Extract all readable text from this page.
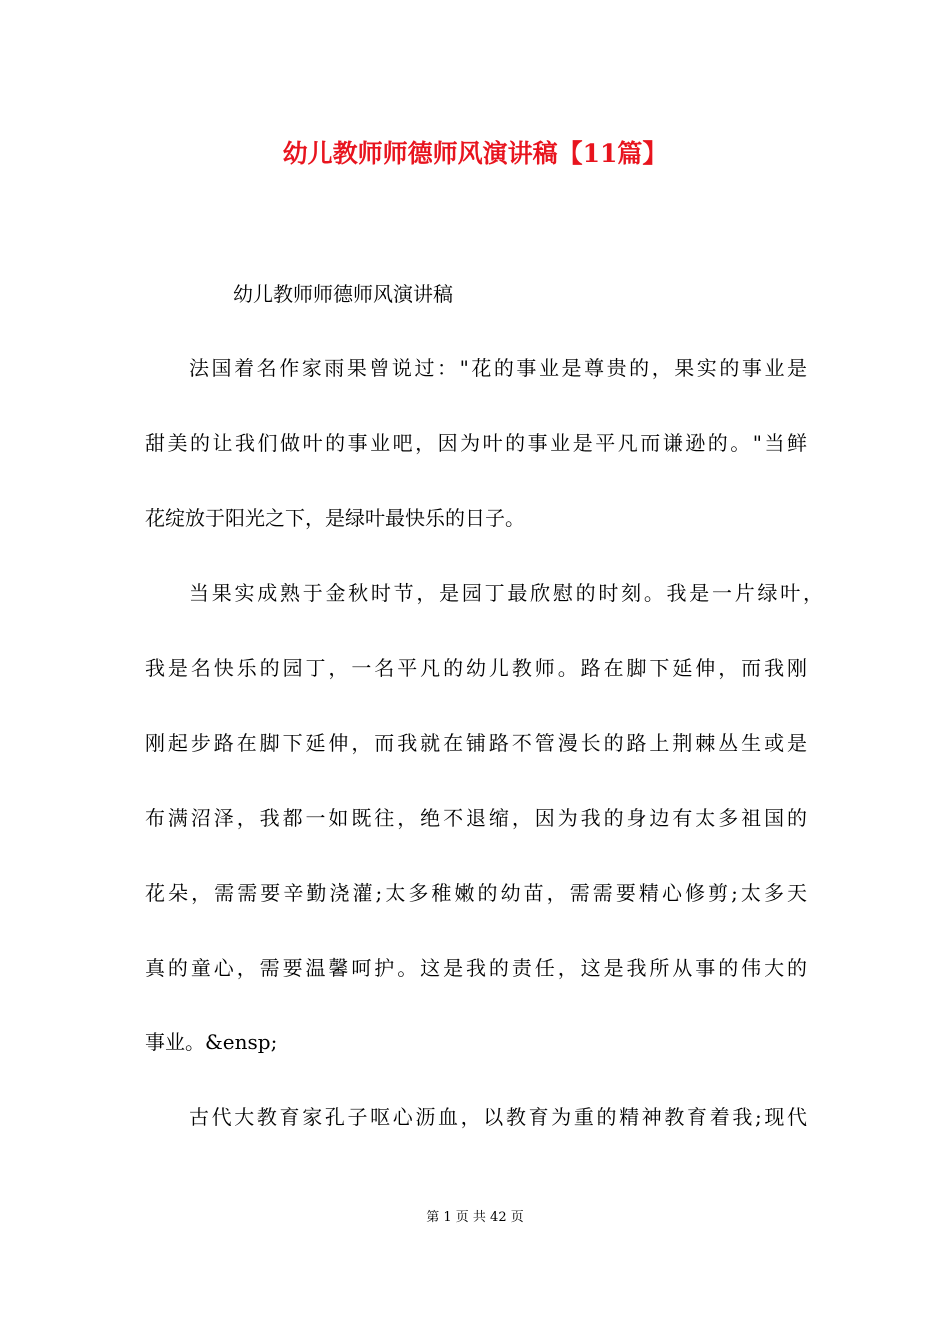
幼儿教师师德师风演讲稿【11篇】
幼儿教师师德师风演讲稿
法国着名作家雨果曾说过："花的事业是尊贵的，果实的事业是
甜美的让我们做叶的事业吧，因为叶的事业是平凡而谦逊的。"当鲜
花绽放于阳光之下，是绿叶最快乐的日子。
当果实成熟于金秋时节，是园丁最欣慰的时刻。我是一片绿叶，
我是名快乐的园丁，一名平凡的幼儿教师。路在脚下延伸，而我刚
刚起步路在脚下延伸，而我就在铺路不管漫长的路上荆棘丛生或是
布满沼泽，我都一如既往，绝不退缩，因为我的身边有太多祖国的
花朵，需需要辛勤浇灌;太多稚嫩的幼苗，需需要精心修剪;太多天
真的童心，需要温馨呵护。这是我的责任，这是我所从事的伟大的
事业。&ensp;
古代大教育家孔子呕心沥血，以教育为重的精神教育着我;现代
第 1 页 共 42 页
